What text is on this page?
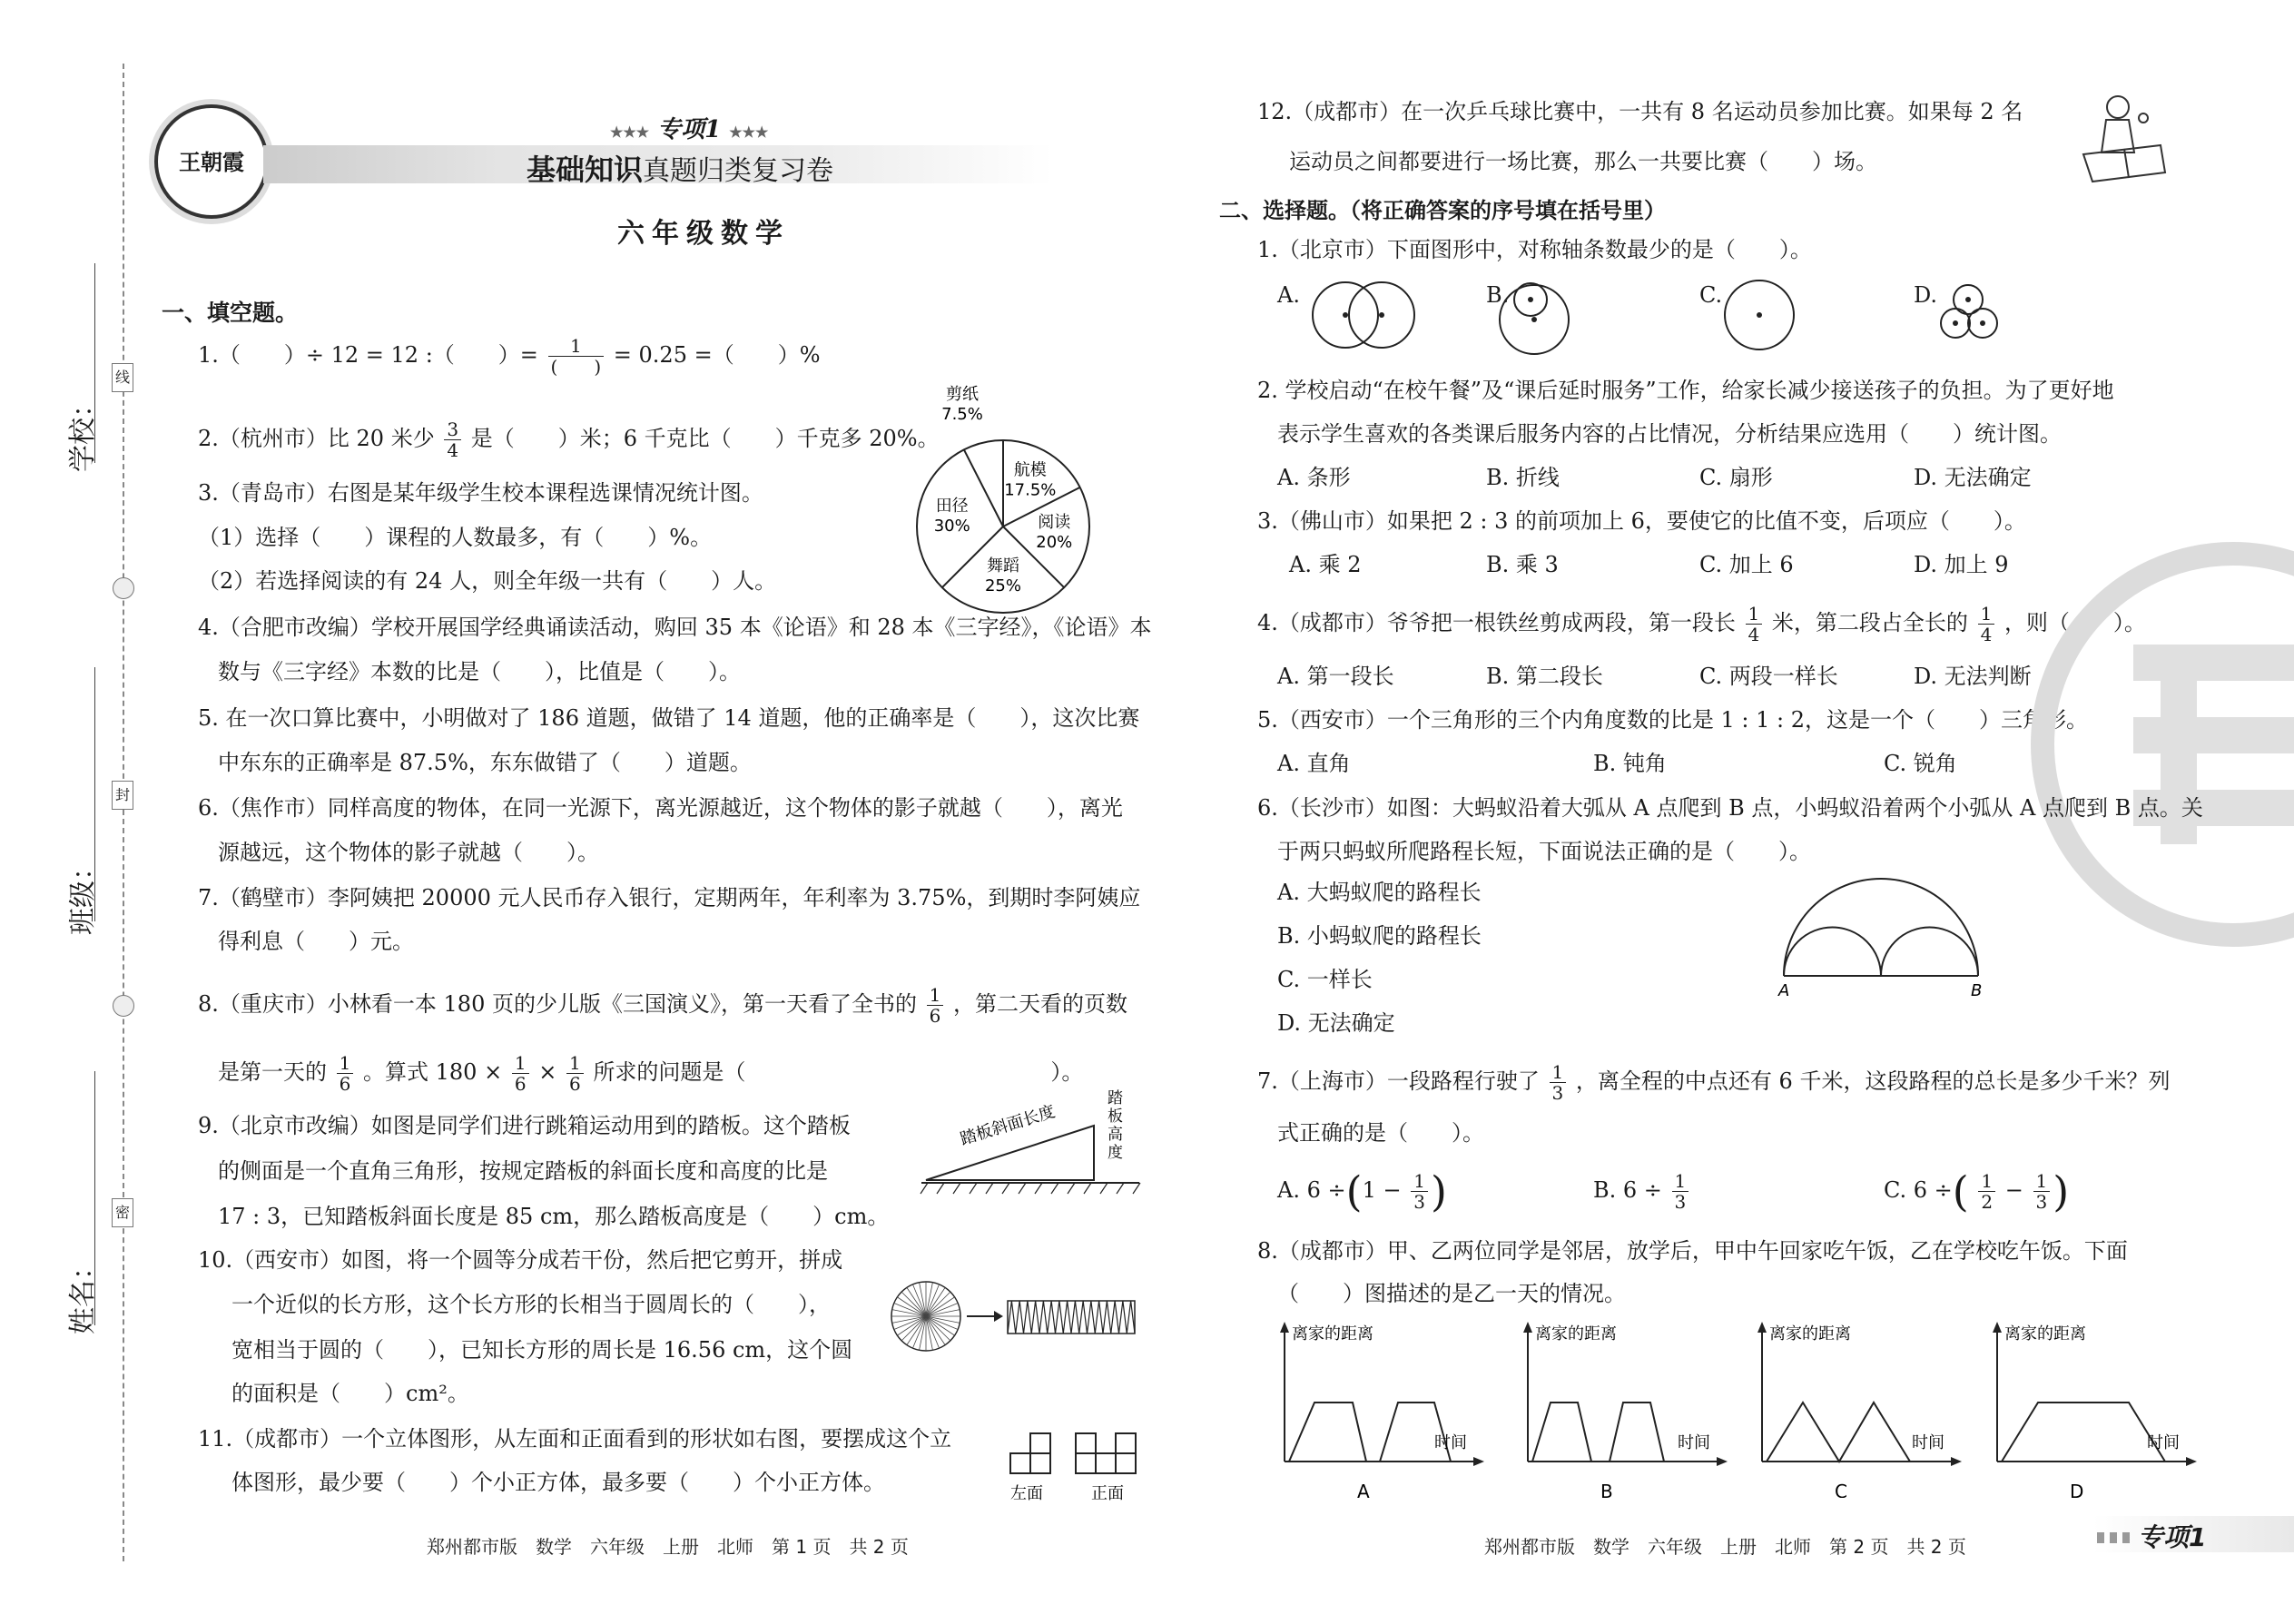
线
封
密
学校：
班级：
姓名：
王朝霞
★★★ 专项1 ★★★
基础知识真题归类复习卷
六年级数学
一、填空题。
1.（　　）÷ 12 = 12 :（　　）= $\frac{1}{( )} = 0.25$ =（　　）%
2.（杭州市）比 20 米少 $\frac{3}{4}$ 是（　　）米；6 千克比（　　）千克多 20%。
3.（青岛市）右图是某年级学生校本课程选课情况统计图。
（1）选择（　　）课程的人数最多，有（　　）%。
（2）若选择阅读的有 24 人，则全年级一共有（　　）人。
剪纸 7.5%
航模 17.5%
阅读 20%
舞蹈 25%
田径 30%
4.（合肥市改编）学校开展国学经典诵读活动，购回 35 本《论语》和 28 本《三字经》，《论语》本
数与《三字经》本数的比是（　　），比值是（　　）。
5. 在一次口算比赛中，小明做对了 186 道题，做错了 14 道题，他的正确率是（　　），这次比赛
中东东的正确率是 87.5%，东东做错了（　　）道题。
6.（焦作市）同样高度的物体，在同一光源下，离光源越近，这个物体的影子就越（　　），离光
源越远，这个物体的影子就越（　　）。
7.（鹤壁市）李阿姨把 20000 元人民币存入银行，定期两年，年利率为 3.75%，到期时李阿姨应
得利息（　　）元。
8.（重庆市）小林看一本 180 页的少儿版《三国演义》，第一天看了全书的 $\frac{1}{6}$ ，第二天看的页数
是第一天的 $\frac{1}{6}$ 。算式 $180 \times \frac{1}{6} \times \frac{1}{6}$ 所求的问题是（　　　　　　　　　　　　　　）。
9.（北京市改编）如图是同学们进行跳箱运动用到的踏板。这个踏板
的侧面是一个直角三角形，按规定踏板的斜面长度和高度的比是
17 : 3，已知踏板斜面长度是 85 cm，那么踏板高度是（　　）cm。
踏板斜面长度
踏板高度
10.（西安市）如图，将一个圆等分成若干份，然后把它剪开，拼成
一个近似的长方形，这个长方形的长相当于圆周长的（　　），
宽相当于圆的（　　），已知长方形的周长是 16.56 cm，这个圆
的面积是（　　）cm²。
11.（成都市）一个立体图形，从左面和正面看到的形状如右图，要摆成这个立
体图形，最少要（　　）个小正方体，最多要（　　）个小正方体。	左面	正面
郑州都市版　数学　六年级　上册　北师　第 1 页　共 2 页
12.（成都市）在一次乒乓球比赛中，一共有 8 名运动员参加比赛。如果每 2 名
运动员之间都要进行一场比赛，那么一共要比赛（　　）场。
二、选择题。（将正确答案的序号填在括号里）
1.（北京市）下面图形中，对称轴条数最少的是（　　）。
A.	B.	C.	D.
2. 学校启动“在校午餐”及“课后延时服务”工作，给家长减少接送孩子的负担。为了更好地
表示学生喜欢的各类课后服务内容的占比情况，分析结果应选用（　　）统计图。
A. 条形	B. 折线	C. 扇形	D. 无法确定
3.（佛山市）如果把 2 : 3 的前项加上 6，要使它的比值不变，后项应（　　）。
A. 乘 2	B. 乘 3	C. 加上 6	D. 加上 9
4.（成都市）爷爷把一根铁丝剪成两段，第一段长 $\frac{1}{4}$ 米，第二段占全长的 $\frac{1}{4}$ ，则（　　）。
A. 第一段长	B. 第二段长	C. 两段一样长	D. 无法判断
5.（西安市）一个三角形的三个内角度数的比是 1 : 1 : 2，这是一个（　　）三角形。
A. 直角	B. 钝角	C. 锐角
6.（长沙市）如图：大蚂蚁沿着大弧从 A 点爬到 B 点，小蚂蚁沿着两个小弧从 A 点爬到 B 点。关
于两只蚂蚁所爬路程长短，下面说法正确的是（　　）。
A. 大蚂蚁爬的路程长
B. 小蚂蚁爬的路程长
C. 一样长
D. 无法确定
A	B
7.（上海市）一段路程行驶了 $\frac{1}{3}$ ，离全程的中点还有 6 千米，这段路程的总长是多少千米？列
式正确的是（　　）。
A. $6 \div(1 - \frac{1}{3}$ )	B. $6 \div \frac{1}{3}$	C. 6 ÷( $\frac{1}{2} - \frac{1}{3}$ )
8.（成都市）甲、乙两位同学是邻居，放学后，甲中午回家吃午饭，乙在学校吃午饭。下面
（　　）图描述的是乙一天的情况。
离家的距离
时间
A
离家的距离
时间
B
离家的距离
时间
C
离家的距离
时间
D
郑州都市版　数学　六年级　上册　北师　第 2 页　共 2 页	专项1
